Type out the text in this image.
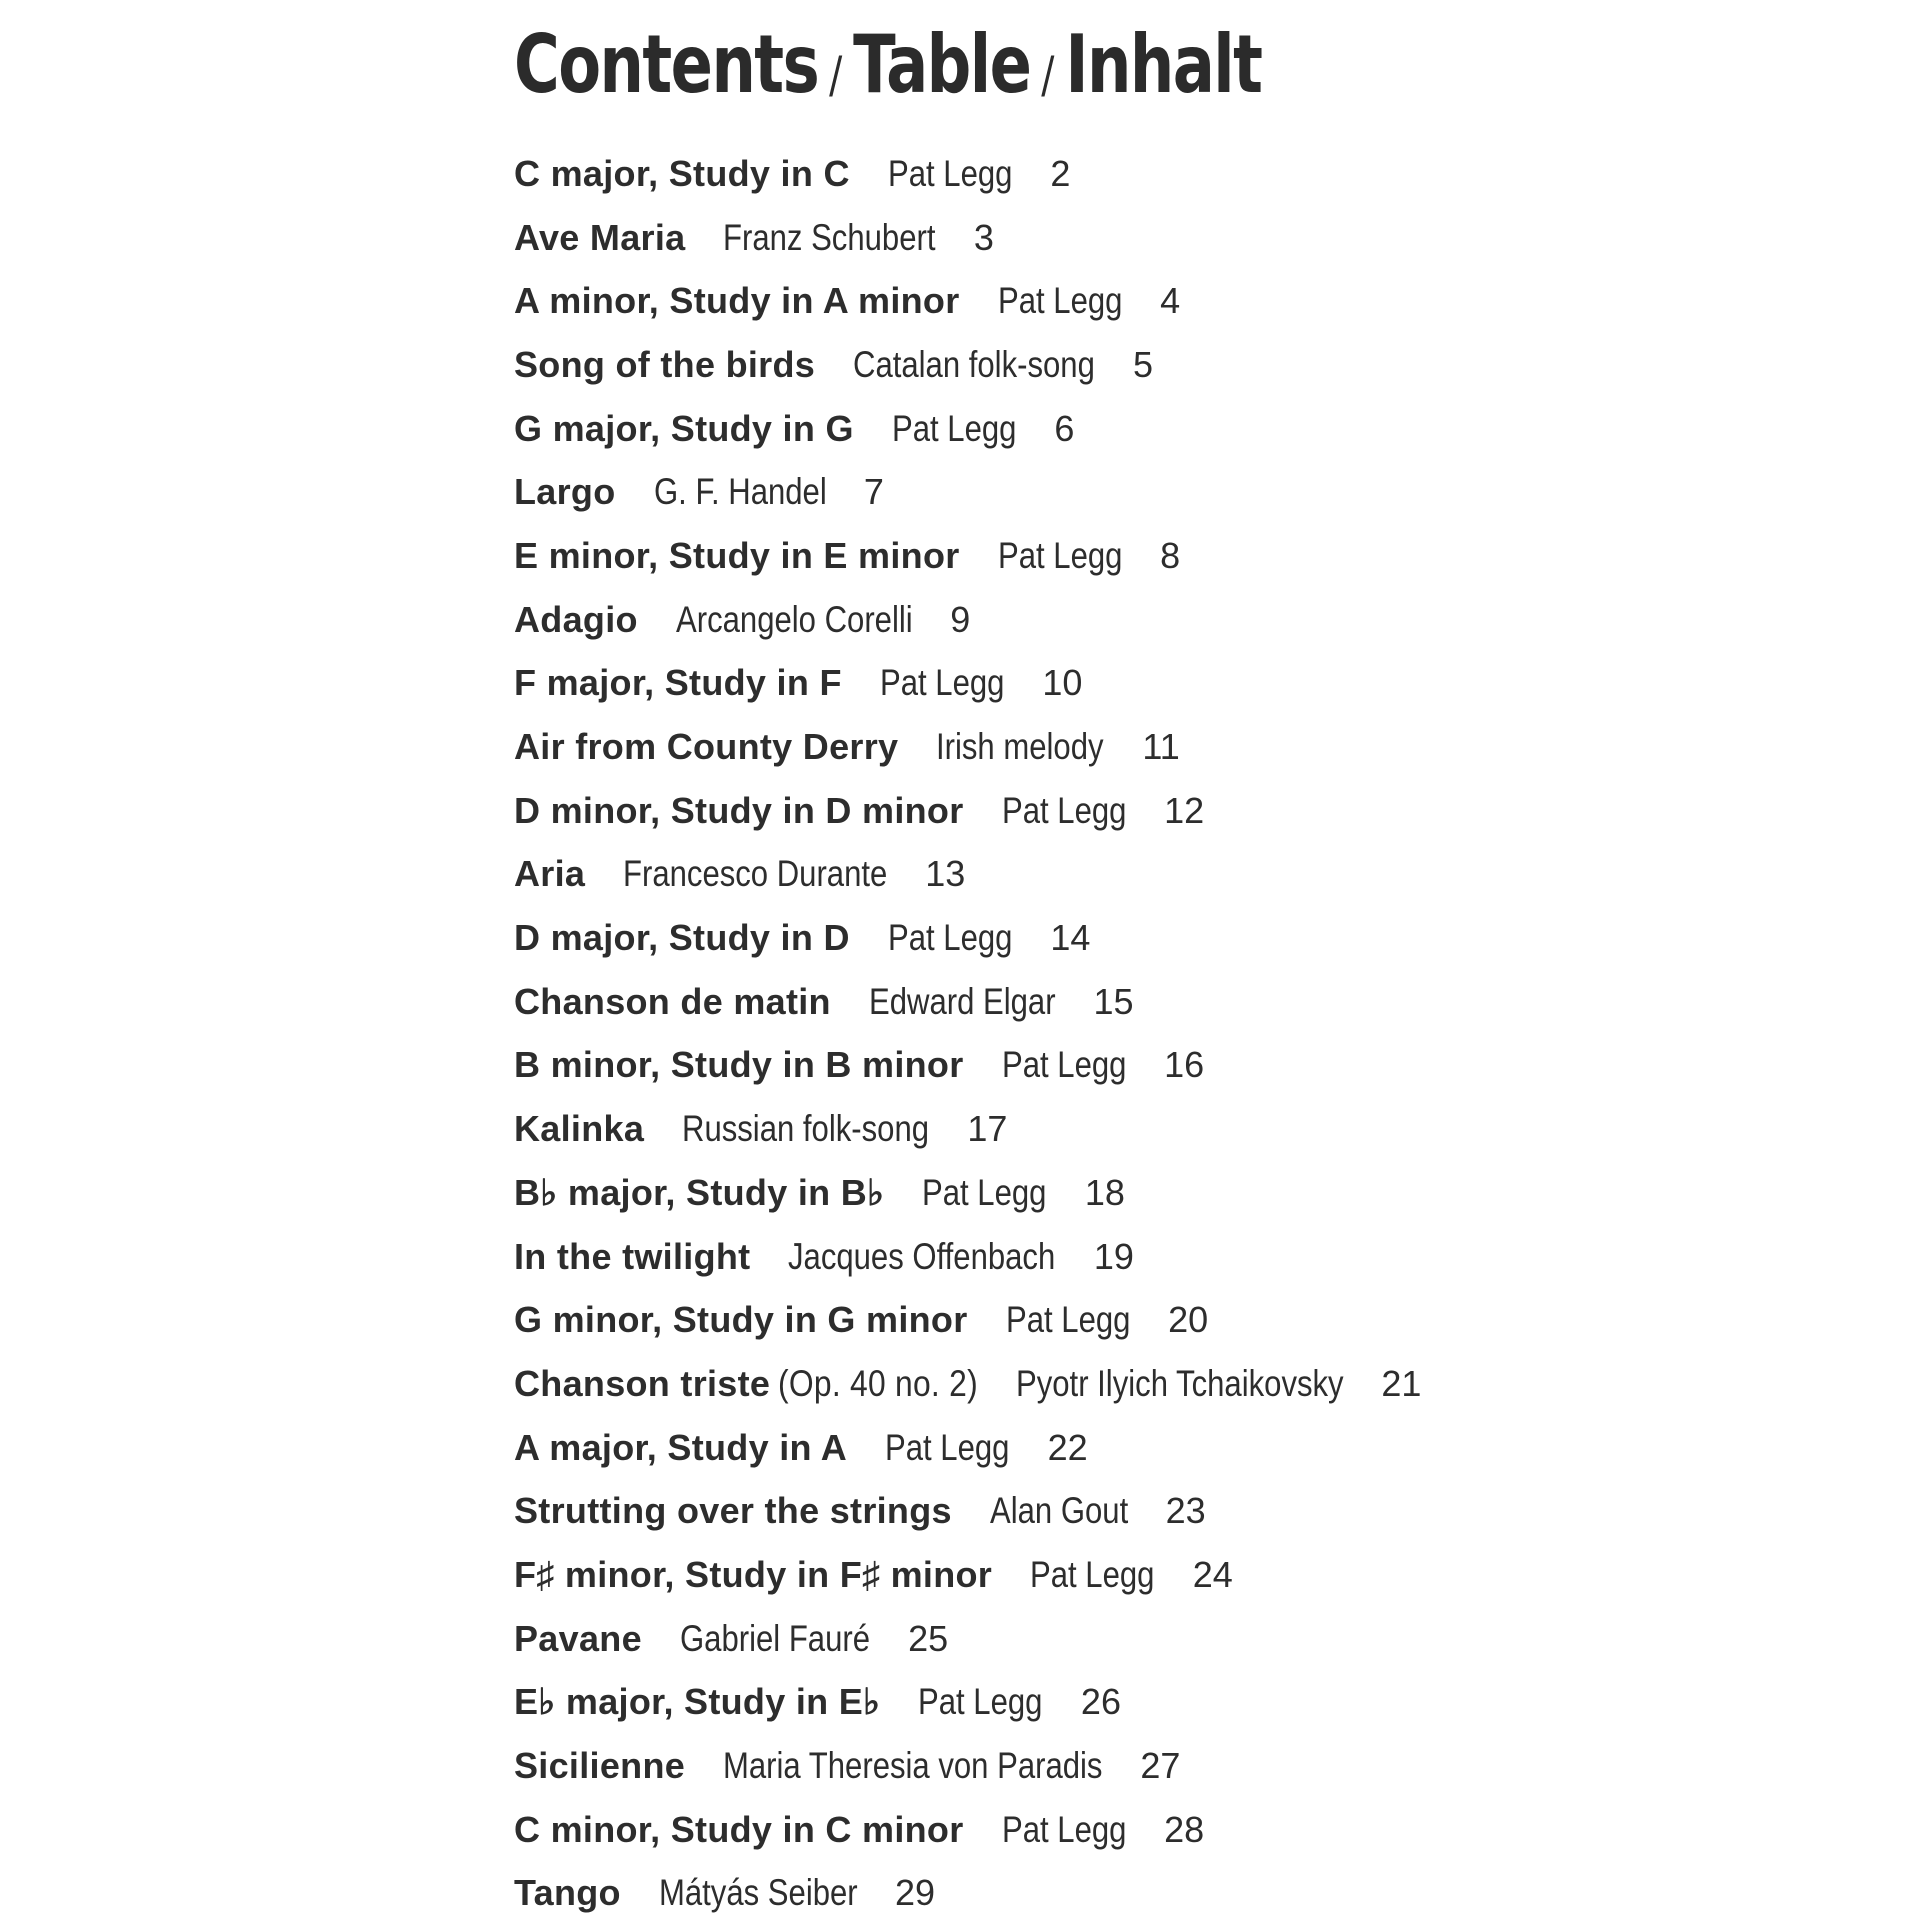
Contents / Table / Inhalt
C major, Study in C Pat Legg 2
Ave Maria Franz Schubert 3
A minor, Study in A minor Pat Legg 4
Song of the birds Catalan folk-song 5
G major, Study in G Pat Legg 6
Largo G. F. Handel 7
E minor, Study in E minor Pat Legg 8
Adagio Arcangelo Corelli 9
F major, Study in F Pat Legg 10
Air from County Derry Irish melody 11
D minor, Study in D minor Pat Legg 12
Aria Francesco Durante 13
D major, Study in D Pat Legg 14
Chanson de matin Edward Elgar 15
B minor, Study in B minor Pat Legg 16
Kalinka Russian folk-song 17
B♭ major, Study in B♭ Pat Legg 18
In the twilight Jacques Offenbach 19
G minor, Study in G minor Pat Legg 20
Chanson triste (Op. 40 no. 2) Pyotr Ilyich Tchaikovsky 21
A major, Study in A Pat Legg 22
Strutting over the strings Alan Gout 23
F♯ minor, Study in F♯ minor Pat Legg 24
Pavane Gabriel Fauré 25
E♭ major, Study in E♭ Pat Legg 26
Sicilienne Maria Theresia von Paradis 27
C minor, Study in C minor Pat Legg 28
Tango Mátyás Seiber 29
